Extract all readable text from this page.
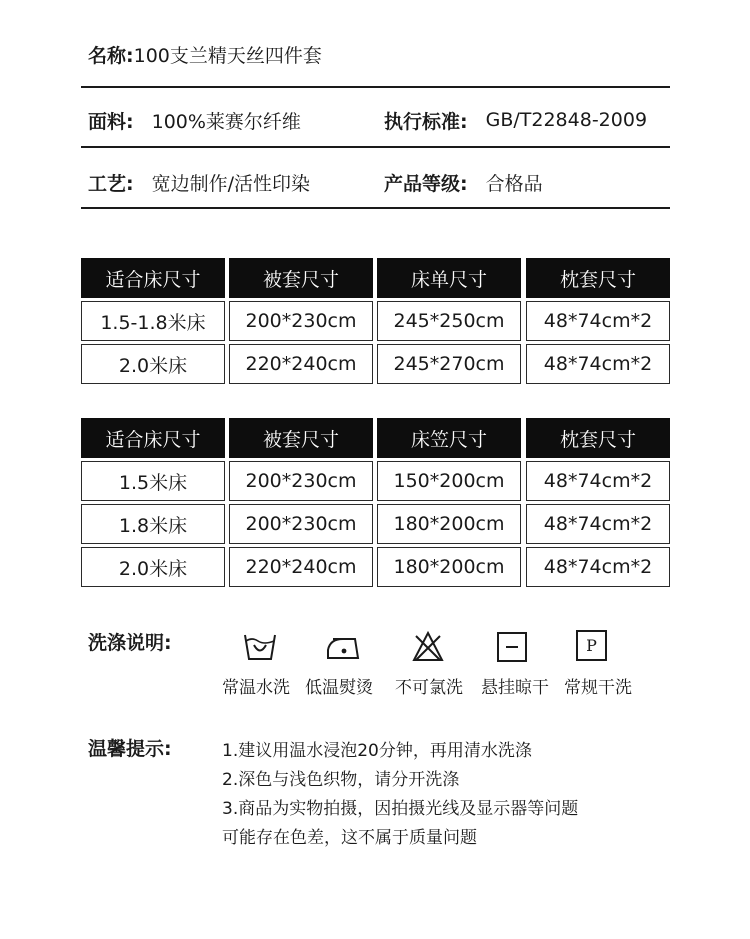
名称:100支兰精天丝四件套
面料: 100%莱赛尔纤维	执行标准: GB/T22848-2009
工艺: 宽边制作/活性印染	产品等级: 合格品
适合床尺寸	被套尺寸	床单尺寸	枕套尺寸
1.5-1.8米床	200*230cm	245*250cm	48*74cm*2
2.0米床	220*240cm	245*270cm	48*74cm*2
适合床尺寸	被套尺寸	床笠尺寸	枕套尺寸
1.5米床	200*230cm	150*200cm	48*74cm*2
1.8米床	200*230cm	180*200cm	48*74cm*2
2.0米床	220*240cm	180*200cm	48*74cm*2
洗涤说明:	P
常温水洗 低温熨烫 不可氯洗 悬挂晾干 常规干洗
温馨提示:	1.建议用温水浸泡20分钟，再用清水洗涤
2.深色与浅色织物，请分开洗涤
3.商品为实物拍摄，因拍摄光线及显示器等问题
可能存在色差，这不属于质量问题
